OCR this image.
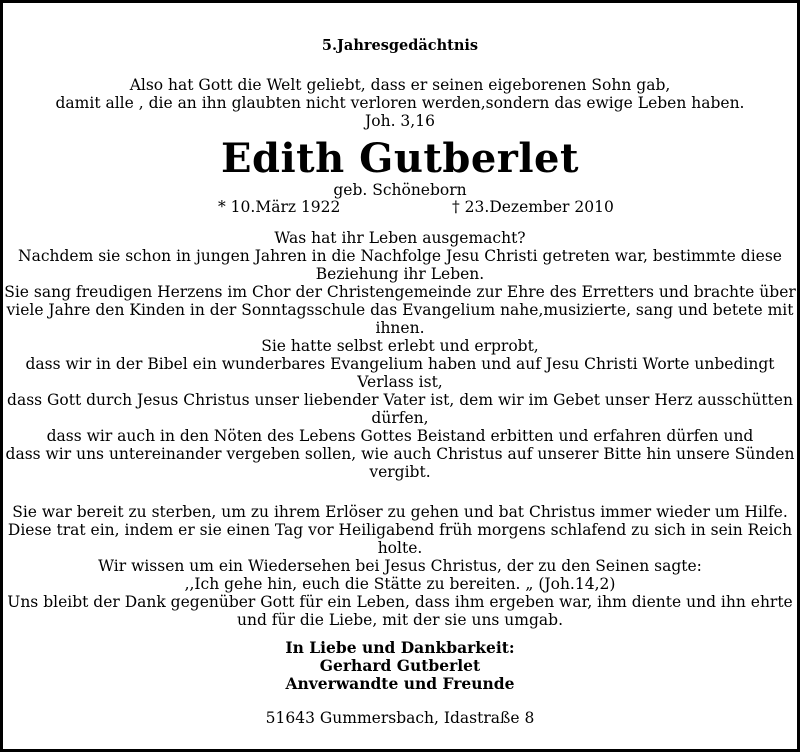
5.Jahresgedächtnis
Also hat Gott die Welt geliebt, dass er seinen eigeborenen Sohn gab,
damit alle , die an ihn glaubten nicht verloren werden,sondern das ewige Leben haben.
Joh. 3,16
Edith Gutberlet
geb. Schöneborn
* 10.März 1922	† 23.Dezember 2010
Was hat ihr Leben ausgemacht?
Nachdem sie schon in jungen Jahren in die Nachfolge Jesu Christi getreten war, bestimmte diese
Beziehung ihr Leben.
Sie sang freudigen Herzens im Chor der Christengemeinde zur Ehre des Erretters und brachte über
viele Jahre den Kinden in der Sonntagsschule das Evangelium nahe,musizierte, sang und betete mit
ihnen.
Sie hatte selbst erlebt und erprobt,
dass wir in der Bibel ein wunderbares Evangelium haben und auf Jesu Christi Worte unbedingt
Verlass ist,
dass Gott durch Jesus Christus unser liebender Vater ist, dem wir im Gebet unser Herz ausschütten
dürfen,
dass wir auch in den Nöten des Lebens Gottes Beistand erbitten und erfahren dürfen und
dass wir uns untereinander vergeben sollen, wie auch Christus auf unserer Bitte hin unsere Sünden
vergibt.
Sie war bereit zu sterben, um zu ihrem Erlöser zu gehen und bat Christus immer wieder um Hilfe.
Diese trat ein, indem er sie einen Tag vor Heiligabend früh morgens schlafend zu sich in sein Reich
holte.
Wir wissen um ein Wiedersehen bei Jesus Christus, der zu den Seinen sagte:
,,Ich gehe hin, euch die Stätte zu bereiten. „ (Joh.14,2)
Uns bleibt der Dank gegenüber Gott für ein Leben, dass ihm ergeben war, ihm diente und ihn ehrte
und für die Liebe, mit der sie uns umgab.
In Liebe und Dankbarkeit:
Gerhard Gutberlet
Anverwandte und Freunde
51643 Gummersbach, Idastraße 8
